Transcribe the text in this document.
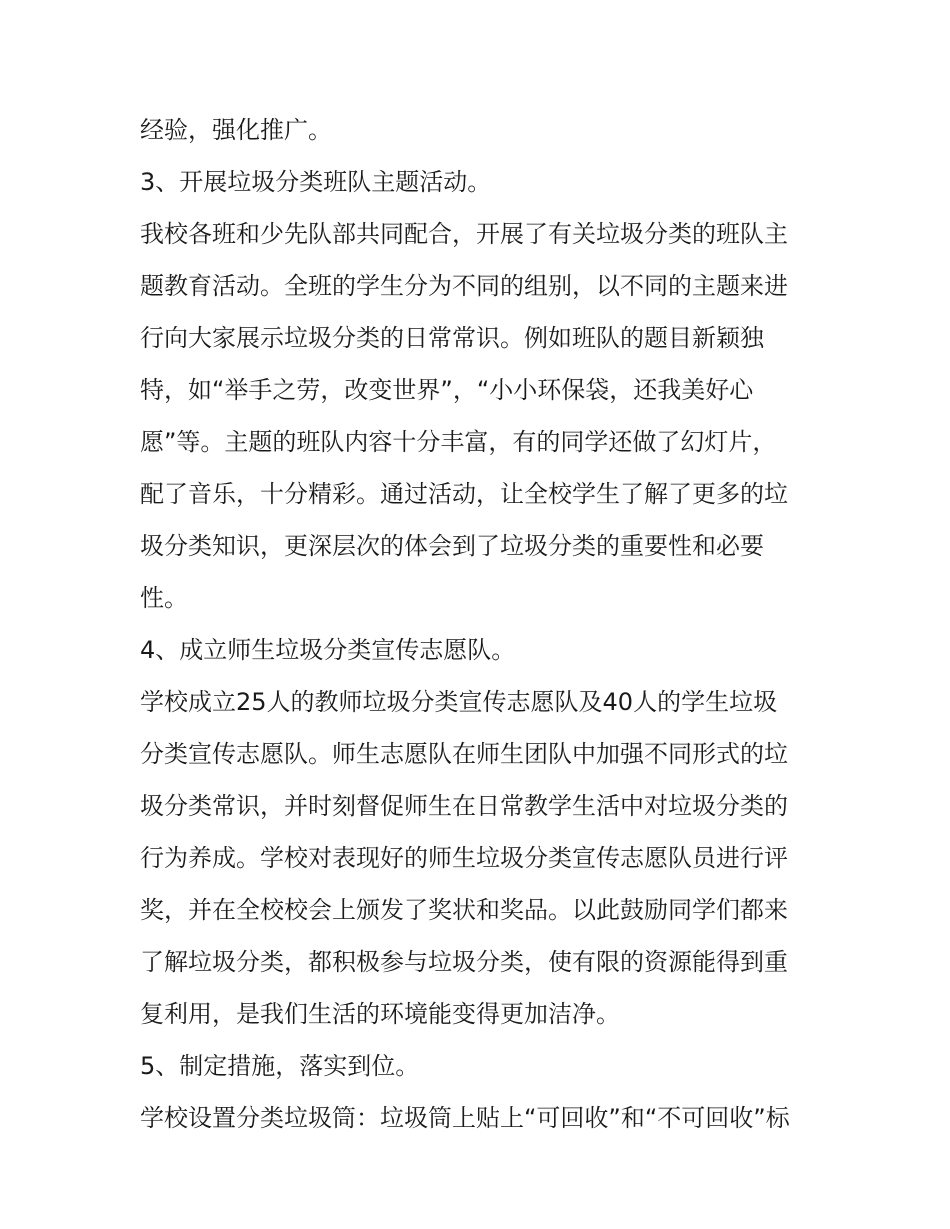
经验，强化推广。
3、开展垃圾分类班队主题活动。
我校各班和少先队部共同配合，开展了有关垃圾分类的班队主
题教育活动。全班的学生分为不同的组别，以不同的主题来进
行向大家展示垃圾分类的日常常识。例如班队的题目新颖独
特，如“举手之劳，改变世界”，“小小环保袋，还我美好心
愿”等。主题的班队内容十分丰富，有的同学还做了幻灯片，
配了音乐，十分精彩。通过活动，让全校学生了解了更多的垃
圾分类知识，更深层次的体会到了垃圾分类的重要性和必要
性。
4、成立师生垃圾分类宣传志愿队。
学校成立25人的教师垃圾分类宣传志愿队及40人的学生垃圾
分类宣传志愿队。师生志愿队在师生团队中加强不同形式的垃
圾分类常识，并时刻督促师生在日常教学生活中对垃圾分类的
行为养成。学校对表现好的师生垃圾分类宣传志愿队员进行评
奖，并在全校校会上颁发了奖状和奖品。以此鼓励同学们都来
了解垃圾分类，都积极参与垃圾分类，使有限的资源能得到重
复利用，是我们生活的环境能变得更加洁净。
5、制定措施，落实到位。
学校设置分类垃圾筒：垃圾筒上贴上“可回收”和“不可回收”标
